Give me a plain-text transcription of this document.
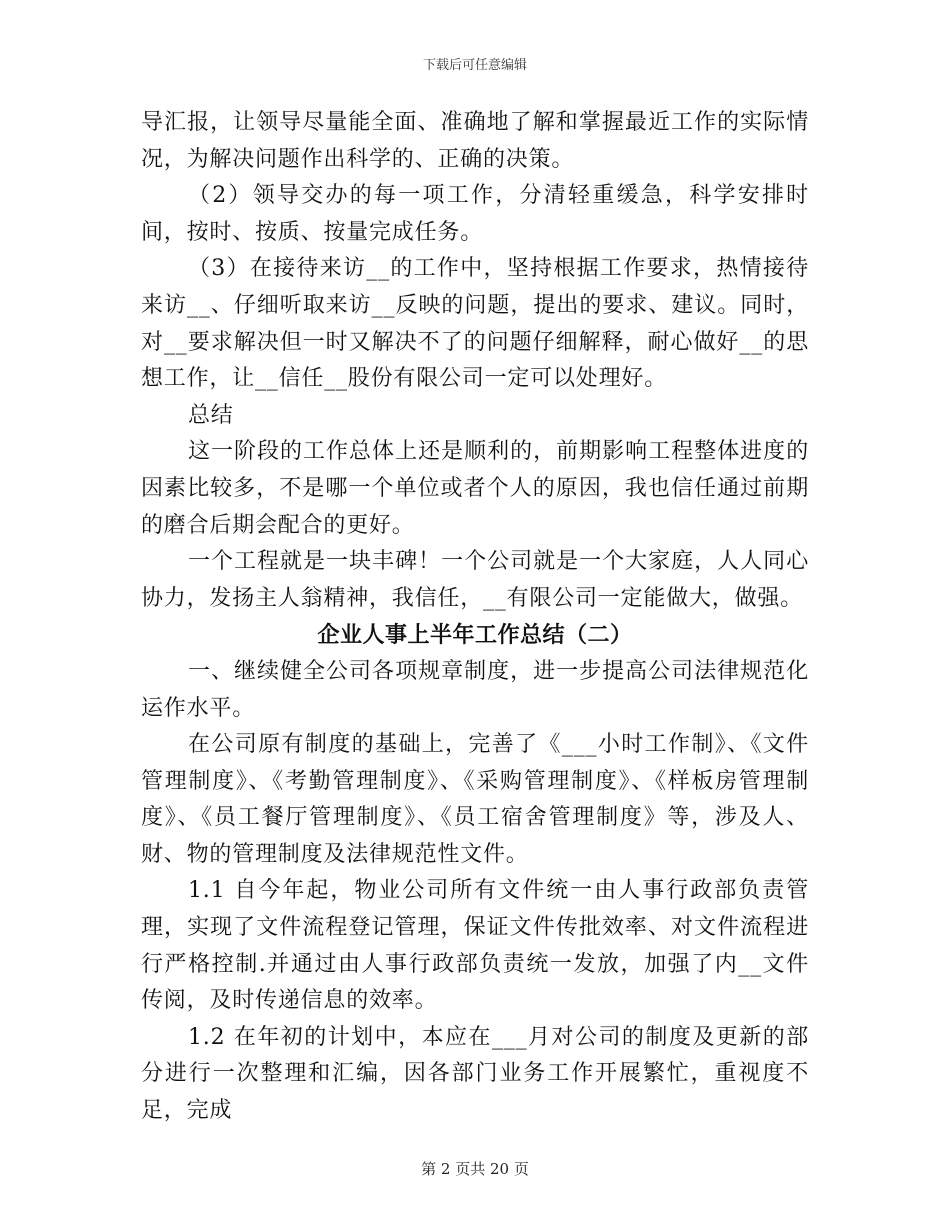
下载后可任意编辑

导汇报，让领导尽量能全面、准确地了解和掌握最近工作的实际情况，为解决问题作出科学的、正确的决策。

（2）领导交办的每一项工作，分清轻重缓急，科学安排时间，按时、按质、按量完成任务。

（3）在接待来访__的工作中，坚持根据工作要求，热情接待来访__、仔细听取来访__反映的问题，提出的要求、建议。同时，对__要求解决但一时又解决不了的问题仔细解释，耐心做好__的思想工作，让__信任__股份有限公司一定可以处理好。

总结

这一阶段的工作总体上还是顺利的，前期影响工程整体进度的因素比较多，不是哪一个单位或者个人的原因，我也信任通过前期的磨合后期会配合的更好。

一个工程就是一块丰碑！一个公司就是一个大家庭，人人同心协力，发扬主人翁精神，我信任，__有限公司一定能做大，做强。

企业人事上半年工作总结（二）

一、继续健全公司各项规章制度，进一步提高公司法律规范化运作水平。

在公司原有制度的基础上，完善了《___小时工作制》、《文件管理制度》、《考勤管理制度》、《采购管理制度》、《样板房管理制度》、《员工餐厅管理制度》、《员工宿舍管理制度》等，涉及人、财、物的管理制度及法律规范性文件。

1.1 自今年起，物业公司所有文件统一由人事行政部负责管理，实现了文件流程登记管理，保证文件传批效率、对文件流程进行严格控制.并通过由人事行政部负责统一发放，加强了内__文件传阅，及时传递信息的效率。

1.2 在年初的计划中，本应在___月对公司的制度及更新的部分进行一次整理和汇编，因各部门业务工作开展繁忙，重视度不足，完成

第 2 页共 20 页
